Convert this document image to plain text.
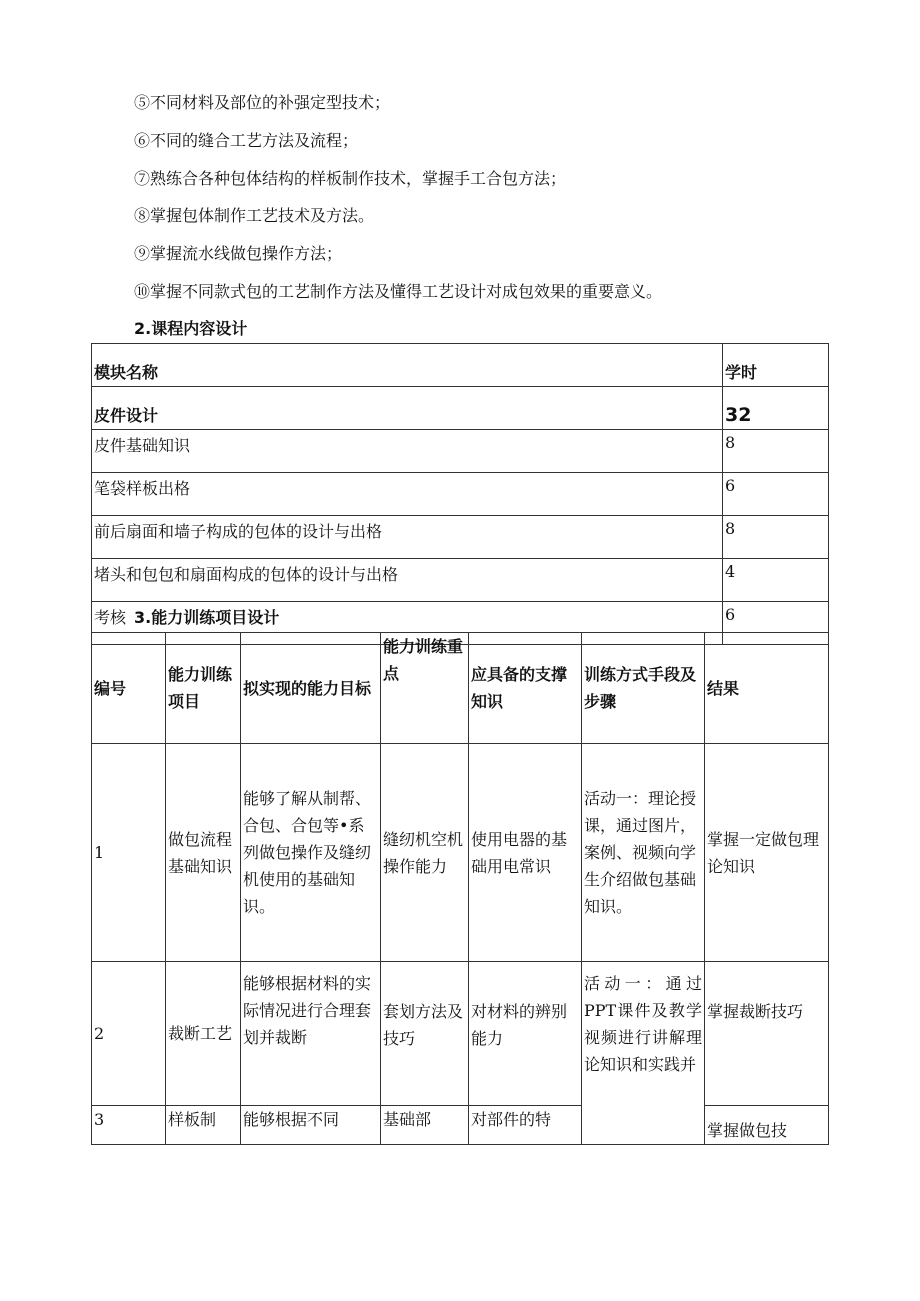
⑤不同材料及部位的补强定型技术；
⑥不同的缝合工艺方法及流程；
⑦熟练合各种包体结构的样板制作技术，掌握手工合包方法；
⑧掌握包体制作工艺技术及方法。
⑨掌握流水线做包操作方法；
⑩掌握不同款式包的工艺制作方法及懂得工艺设计对成包效果的重要意义。
2.课程内容设计
模块名称	学时
皮件设计	32
皮件基础知识	8
笔袋样板出格	6
前后扇面和墙子构成的包体的设计与出格	8
堵头和包包和扇面构成的包体的设计与出格	4
考核	6
3.能力训练项目设计
编号	能力训练项目	拟实现的能力目标	能力训练重点	应具备的支撑知识	训练方式手段及步骤	结果
1	做包流程基础知识	能够了解从制帮、合包、合包等•系列做包操作及缝纫机使用的基础知识。	缝纫机空机操作能力	使用电器的基础用电常识	活动一：理论授课，通过图片，案例、视频向学生介绍做包基础知识。	掌握一定做包理论知识
2	裁断工艺	能够根据材料的实际情况进行合理套划并裁断	套划方法及技巧	对材料的辨别能力	活动一：通过PPT课件及教学视频进行讲解理论知识和实践并	掌握裁断技巧
3	样板制	能够根据不同	基础部	对部件的特		掌握做包技
